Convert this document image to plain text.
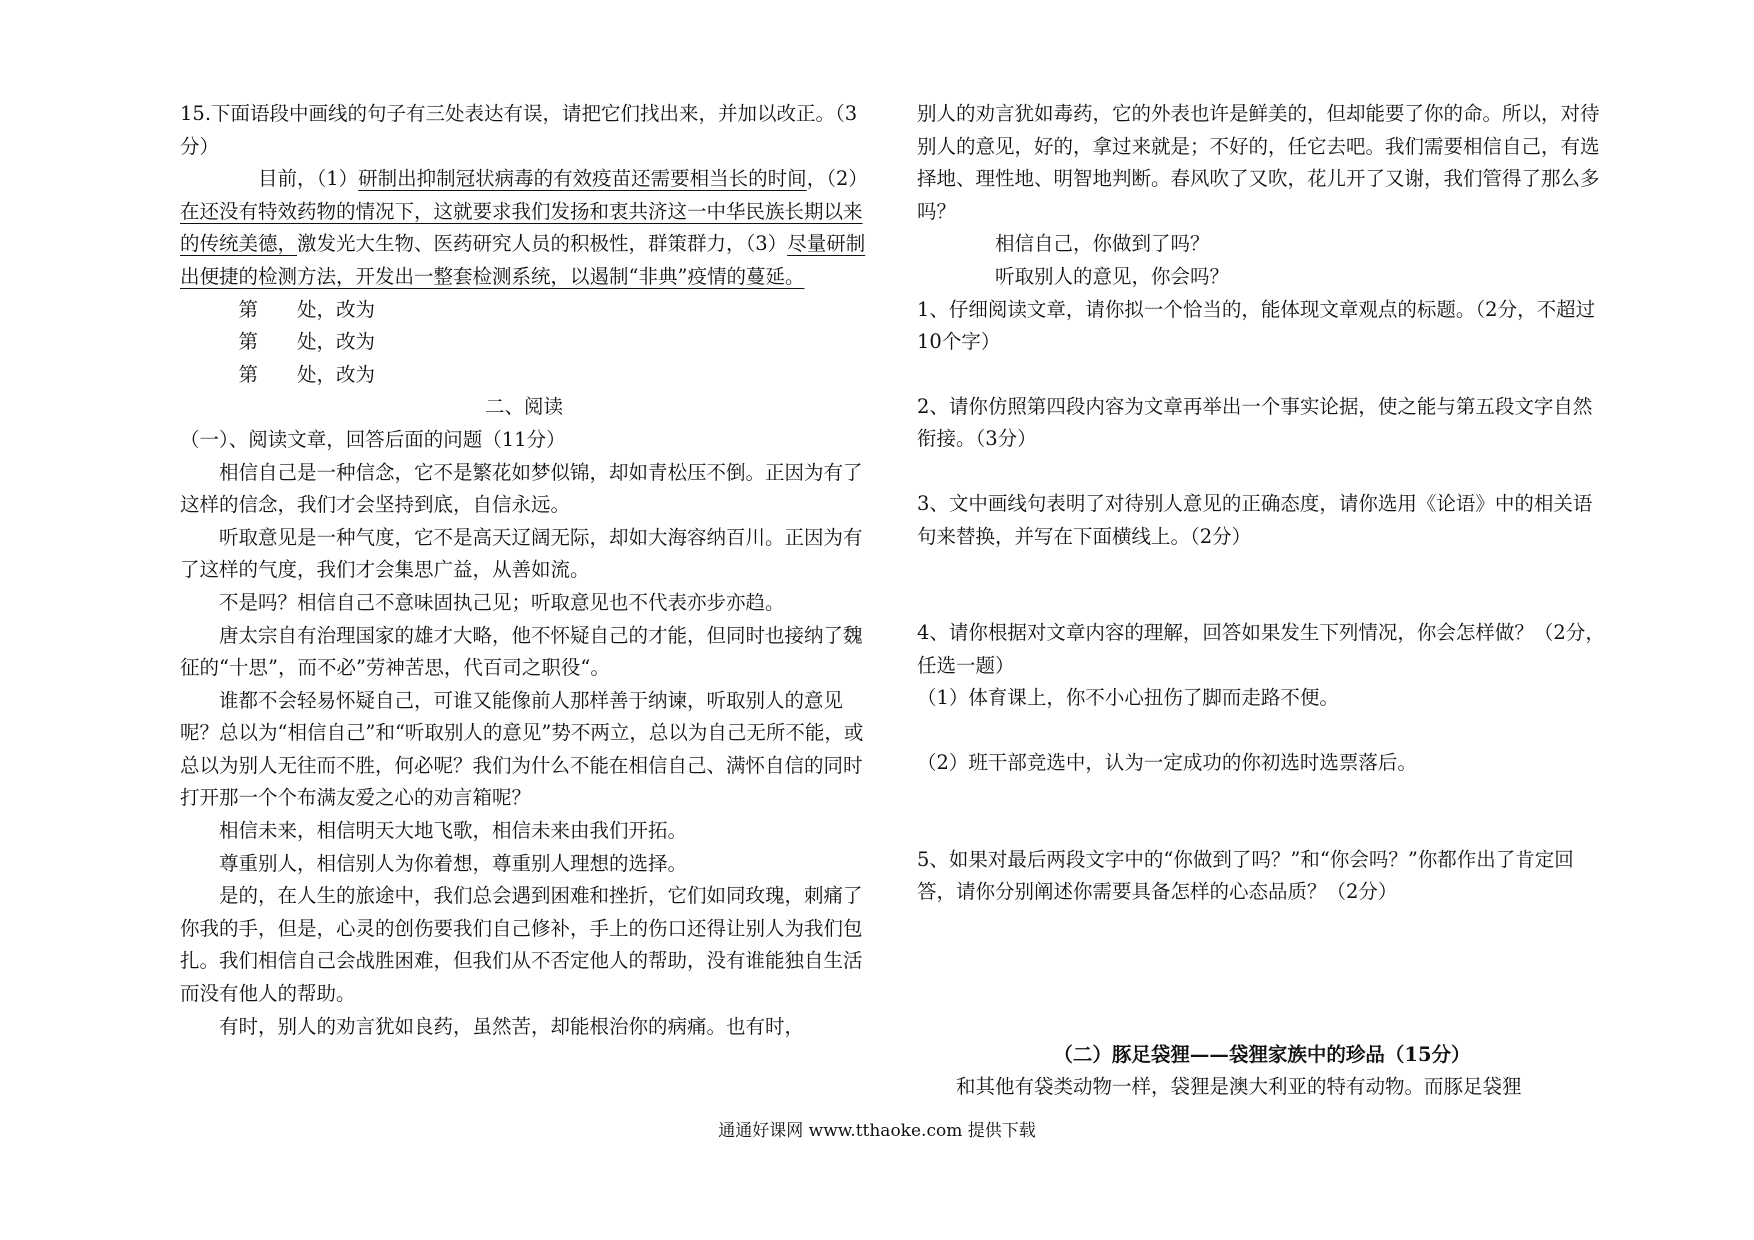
15.下面语段中画线的句子有三处表达有误，请把它们找出来，并加以改正。（3分）

目前，（1）研制出抑制冠状病毒的有效疫苗还需要相当长的时间，（2）在还没有特效药物的情况下，这就要求我们发扬和衷共济这一中华民族长期以来的传统美德，激发光大生物、医药研究人员的积极性，群策群力，（3）尽量研制出便捷的检测方法，开发出一整套检测系统，以遏制“非典”疫情的蔓延。

第　　处，改为

第　　处，改为

第　　处，改为

二、阅读

（一）、阅读文章，回答后面的问题（11分）

相信自己是一种信念，它不是繁花如梦似锦，却如青松压不倒。正因为有了这样的信念，我们才会坚持到底，自信永远。

听取意见是一种气度，它不是高天辽阔无际，却如大海容纳百川。正因为有了这样的气度，我们才会集思广益，从善如流。

不是吗？相信自己不意味固执己见；听取意见也不代表亦步亦趋。

唐太宗自有治理国家的雄才大略，他不怀疑自己的才能，但同时也接纳了魏征的“十思”，而不必”劳神苦思，代百司之职役“。

谁都不会轻易怀疑自己，可谁又能像前人那样善于纳谏，听取别人的意见呢？总以为“相信自己”和“听取别人的意见”势不两立，总以为自己无所不能，或总以为别人无往而不胜，何必呢？我们为什么不能在相信自己、满怀自信的同时打开那一个个布满友爱之心的劝言箱呢？

相信未来，相信明天大地飞歌，相信未来由我们开拓。

尊重别人，相信别人为你着想，尊重别人理想的选择。

是的，在人生的旅途中，我们总会遇到困难和挫折，它们如同玫瑰，刺痛了你我的手，但是，心灵的创伤要我们自己修补，手上的伤口还得让别人为我们包扎。我们相信自己会战胜困难，但我们从不否定他人的帮助，没有谁能独自生活而没有他人的帮助。

有时，别人的劝言犹如良药，虽然苦，却能根治你的病痛。也有时，

别人的劝言犹如毒药，它的外表也许是鲜美的，但却能要了你的命。所以，对待别人的意见，好的，拿过来就是；不好的，任它去吧。我们需要相信自己，有选择地、理性地、明智地判断。春风吹了又吹，花儿开了又谢，我们管得了那么多吗？

相信自己，你做到了吗？

听取别人的意见，你会吗？

1、仔细阅读文章，请你拟一个恰当的，能体现文章观点的标题。（2分，不超过10个字）

2、请你仿照第四段内容为文章再举出一个事实论据，使之能与第五段文字自然衔接。（3分）

3、文中画线句表明了对待别人意见的正确态度，请你选用《论语》中的相关语句来替换，并写在下面横线上。（2分）

4、请你根据对文章内容的理解，回答如果发生下列情况，你会怎样做？（2分，任选一题）

（1）体育课上，你不小心扭伤了脚而走路不便。

（2）班干部竞选中，认为一定成功的你初选时选票落后。

5、如果对最后两段文字中的“你做到了吗？”和“你会吗？”你都作出了肯定回答，请你分别阐述你需要具备怎样的心态品质？（2分）

（二）豚足袋狸——袋狸家族中的珍品（15分）

和其他有袋类动物一样，袋狸是澳大利亚的特有动物。而豚足袋狸

通通好课网 www.tthaoke.com 提供下载
